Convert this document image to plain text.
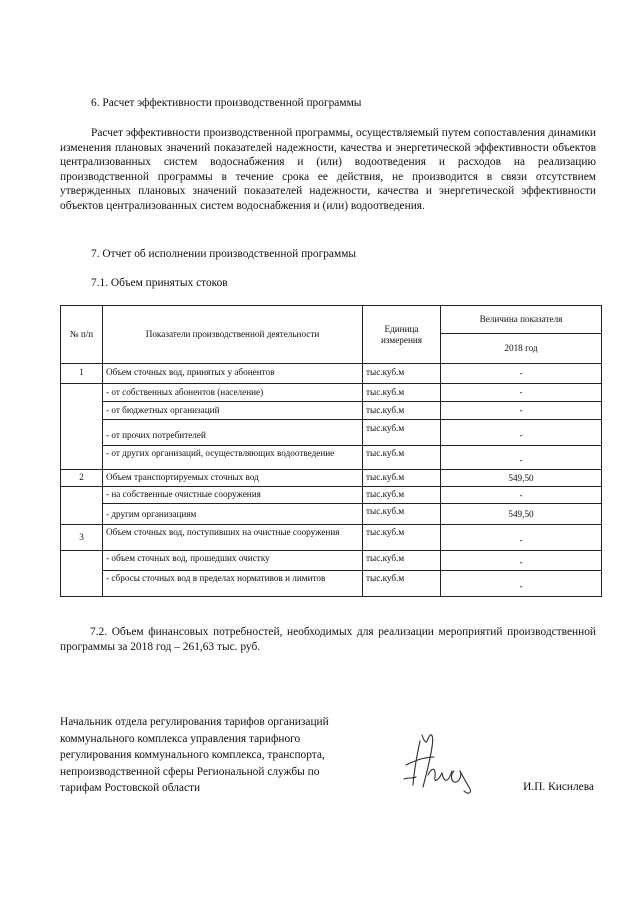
6. Расчет эффективности производственной программы
Расчет эффективности производственной программы, осуществляемый путем сопоставления динамики изменения плановых значений показателей надежности, качества и энергетической эффективности объектов централизованных систем водоснабжения и (или) водоотведения и расходов на реализацию производственной программы в течение срока ее действия, не производится в связи отсутствием утвержденных плановых значений показателей надежности, качества и энергетической эффективности объектов централизованных систем водоснабжения и (или) водоотведения.
7. Отчет об исполнении производственной программы
7.1. Объем принятых стоков
№ п/п	Показатели производственной деятельности	Единица измерения	Величина показателя
			2018 год
1	Объем сточных вод, принятых у абонентов	тыс.куб.м	-
	- от собственных абонентов (население)	тыс.куб.м	-
	- от бюджетных организаций	тыс.куб.м	-
	- от прочих потребителей	тыс.куб.м	-
	- от других организаций, осуществляющих водоотведение	тыс.куб.м	-
2	Объем транспортируемых сточных вод	тыс.куб.м	549,50
	- на собственные очистные сооружения	тыс.куб.м	-
	- другим организациям	тыс.куб.м	549,50
3	Объем сточных вод, поступивших на очистные сооружения	тыс.куб.м	-
	- объем сточных вод, прошедших очистку	тыс.куб.м	-
	- сбросы сточных вод в пределах нормативов и лимитов	тыс.куб.м	-
7.2. Объем финансовых потребностей, необходимых для реализации мероприятий производственной программы за 2018 год – 261,63 тыс. руб.
Начальник отдела регулирования тарифов организаций
коммунального комплекса управления тарифного
регулирования коммунального комплекса, транспорта,
непроизводственной сферы Региональной службы по
тарифам Ростовской области	И.П. Кисилева
